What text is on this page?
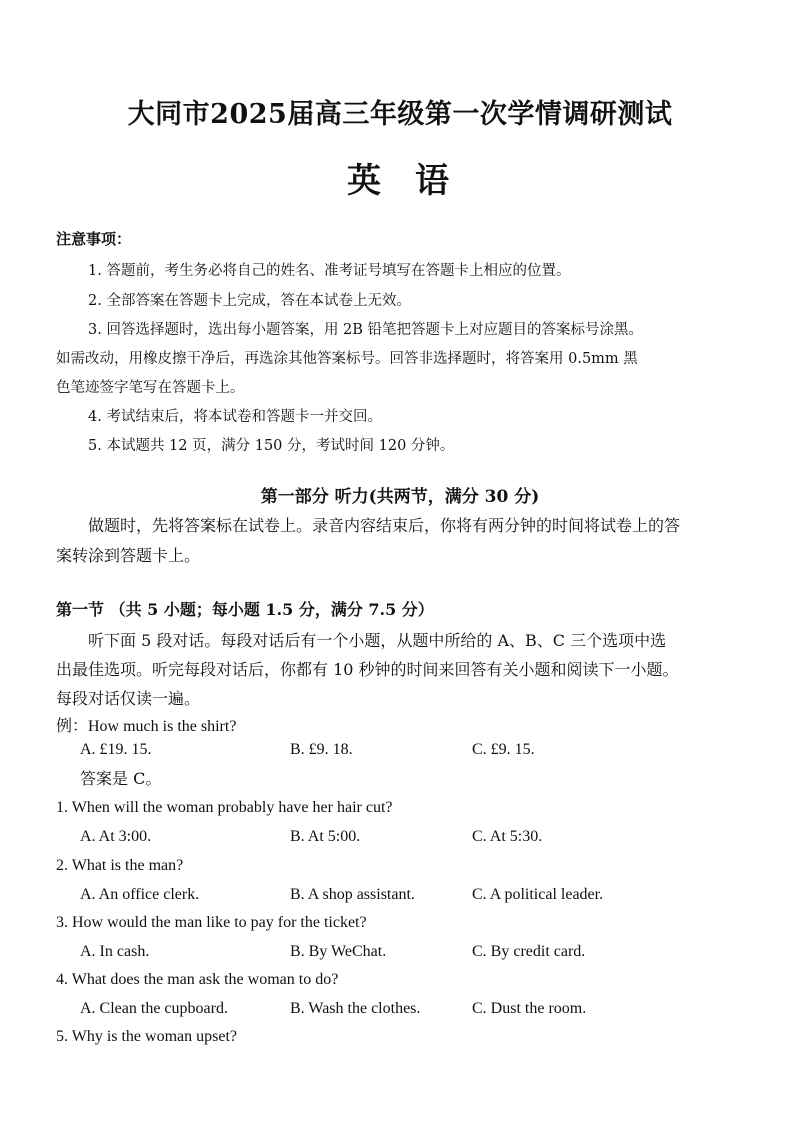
大同市2025届高三年级第一次学情调研测试
英语
注意事项：
1. 答题前，考生务必将自己的姓名、准考证号填写在答题卡上相应的位置。
2. 全部答案在答题卡上完成，答在本试卷上无效。
3. 回答选择题时，选出每小题答案，用 2B 铅笔把答题卡上对应题目的答案标号涂黑。
如需改动，用橡皮擦干净后，再选涂其他答案标号。回答非选择题时，将答案用 0.5mm 黑
色笔迹签字笔写在答题卡上。
4. 考试结束后，将本试卷和答题卡一并交回。
5. 本试题共 12 页，满分 150 分，考试时间 120 分钟。
第一部分 听力(共两节，满分 30 分)
做题时，先将答案标在试卷上。录音内容结束后，你将有两分钟的时间将试卷上的答
案转涂到答题卡上。
第一节 （共 5 小题；每小题 1.5 分，满分 7.5 分）
听下面 5 段对话。每段对话后有一个小题，从题中所给的 A、B、C 三个选项中选
出最佳选项。听完每段对话后，你都有 10 秒钟的时间来回答有关小题和阅读下一小题。
每段对话仅读一遍。
例：How much is the shirt?
A. £19. 15.	B. £9. 18.	C. £9. 15.
答案是 C。
1. When will the woman probably have her hair cut?
A. At 3:00.	B. At 5:00.	C. At 5:30.
2. What is the man?
A. An office clerk.	B. A shop assistant.	C. A political leader.
3. How would the man like to pay for the ticket?
A. In cash.	B. By WeChat.	C. By credit card.
4. What does the man ask the woman to do?
A. Clean the cupboard.	B. Wash the clothes.	C. Dust the room.
5. Why is the woman upset?
